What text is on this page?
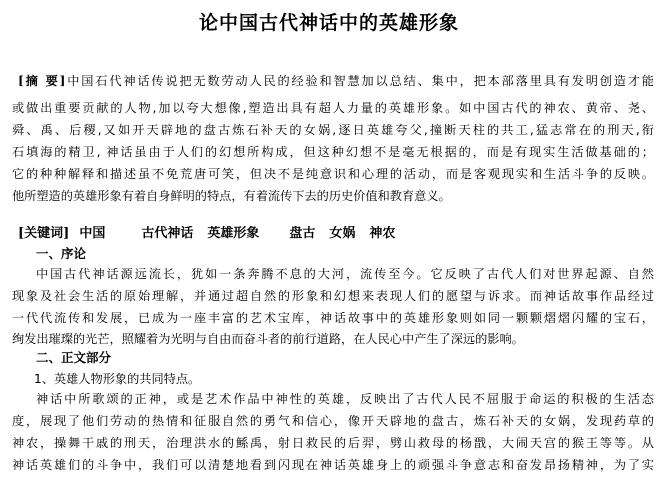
论中国古代神话中的英雄形象
[摘 要]中国石代神话传说把无数劳动人民的经验和智慧加以总结、集中，把本部落里具有发明创造才能
或做出重要贡献的人物,加以夸大想像,塑造出具有超人力量的英雄形象。如中国古代的神农、黄帝、尧、
舜、禹、后稷,又如开天辟地的盘古炼石补天的女娲,逐日英雄夸父,撞断天柱的共工,猛志常在的刑天,衔
石填海的精卫, 神话虽由于人们的幻想所构成，但这种幻想不是毫无根据的，而是有现实生活做基础的；
它的种种解释和描述虽不免荒唐可笑，但决不是纯意识和心理的活动，而是客观现实和生活斗争的反映。
他所塑造的英雄形象有着自身鲜明的特点，有着流传下去的历史价值和教育意义。
[关键词] 中国	古代神话 英雄形象 盘古 女娲 神农
一、序论
中国古代神话源远流长，犹如一条奔腾不息的大河，流传至今。它反映了古代人们对世界起源、自然
现象及社会生活的原始理解，并通过超自然的形象和幻想来表现人们的愿望与诉求。而神话故事作品经过
一代代流传和发展，已成为一座丰富的艺术宝库，神话故事中的英雄形象则如同一颗颗熠熠闪耀的宝石，
绚发出璀璨的光芒，照耀着为光明与自由而奋斗者的前行道路，在人民心中产生了深远的影响。
二、正文部分
1、英雄人物形象的共同特点。
神话中所歌颂的正神，或是艺术作品中神性的英雄，反映出了古代人民不屈服于命运的积极的生活态
度，展现了他们劳动的热情和征服自然的勇气和信心，像开天辟地的盘古，炼石补天的女娲，发现药草的
神农，操舞干戚的刑天，治理洪水的鲧禹，射日救民的后羿，劈山救母的杨戬，大闹天宫的猴王等等。从
神话英雄们的斗争中，我们可以清楚地看到闪现在神话英雄身上的顽强斗争意志和奋发昂扬精神，为了实
